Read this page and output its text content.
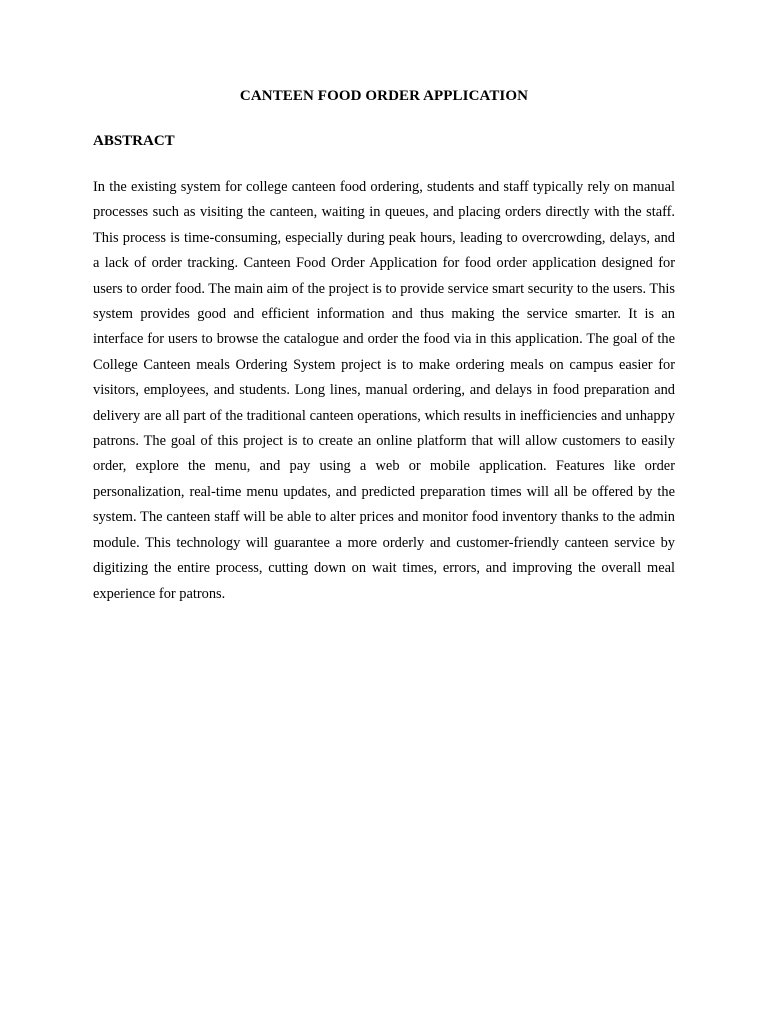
CANTEEN FOOD ORDER APPLICATION
ABSTRACT

In the existing system for college canteen food ordering, students and staff typically rely on manual processes such as visiting the canteen, waiting in queues, and placing orders directly with the staff. This process is time-consuming, especially during peak hours, leading to overcrowding, delays, and a lack of order tracking. Canteen Food Order Application for food order application designed for users to order food. The main aim of the project is to provide service smart security to the users. This system provides good and efficient information and thus making the service smarter. It is an interface for users to browse the catalogue and order the food via in this application. The goal of the College Canteen meals Ordering System project is to make ordering meals on campus easier for visitors, employees, and students. Long lines, manual ordering, and delays in food preparation and delivery are all part of the traditional canteen operations, which results in inefficiencies and unhappy patrons. The goal of this project is to create an online platform that will allow customers to easily order, explore the menu, and pay using a web or mobile application. Features like order personalization, real-time menu updates, and predicted preparation times will all be offered by the system. The canteen staff will be able to alter prices and monitor food inventory thanks to the admin module. This technology will guarantee a more orderly and customer-friendly canteen service by digitizing the entire process, cutting down on wait times, errors, and improving the overall meal experience for patrons.
